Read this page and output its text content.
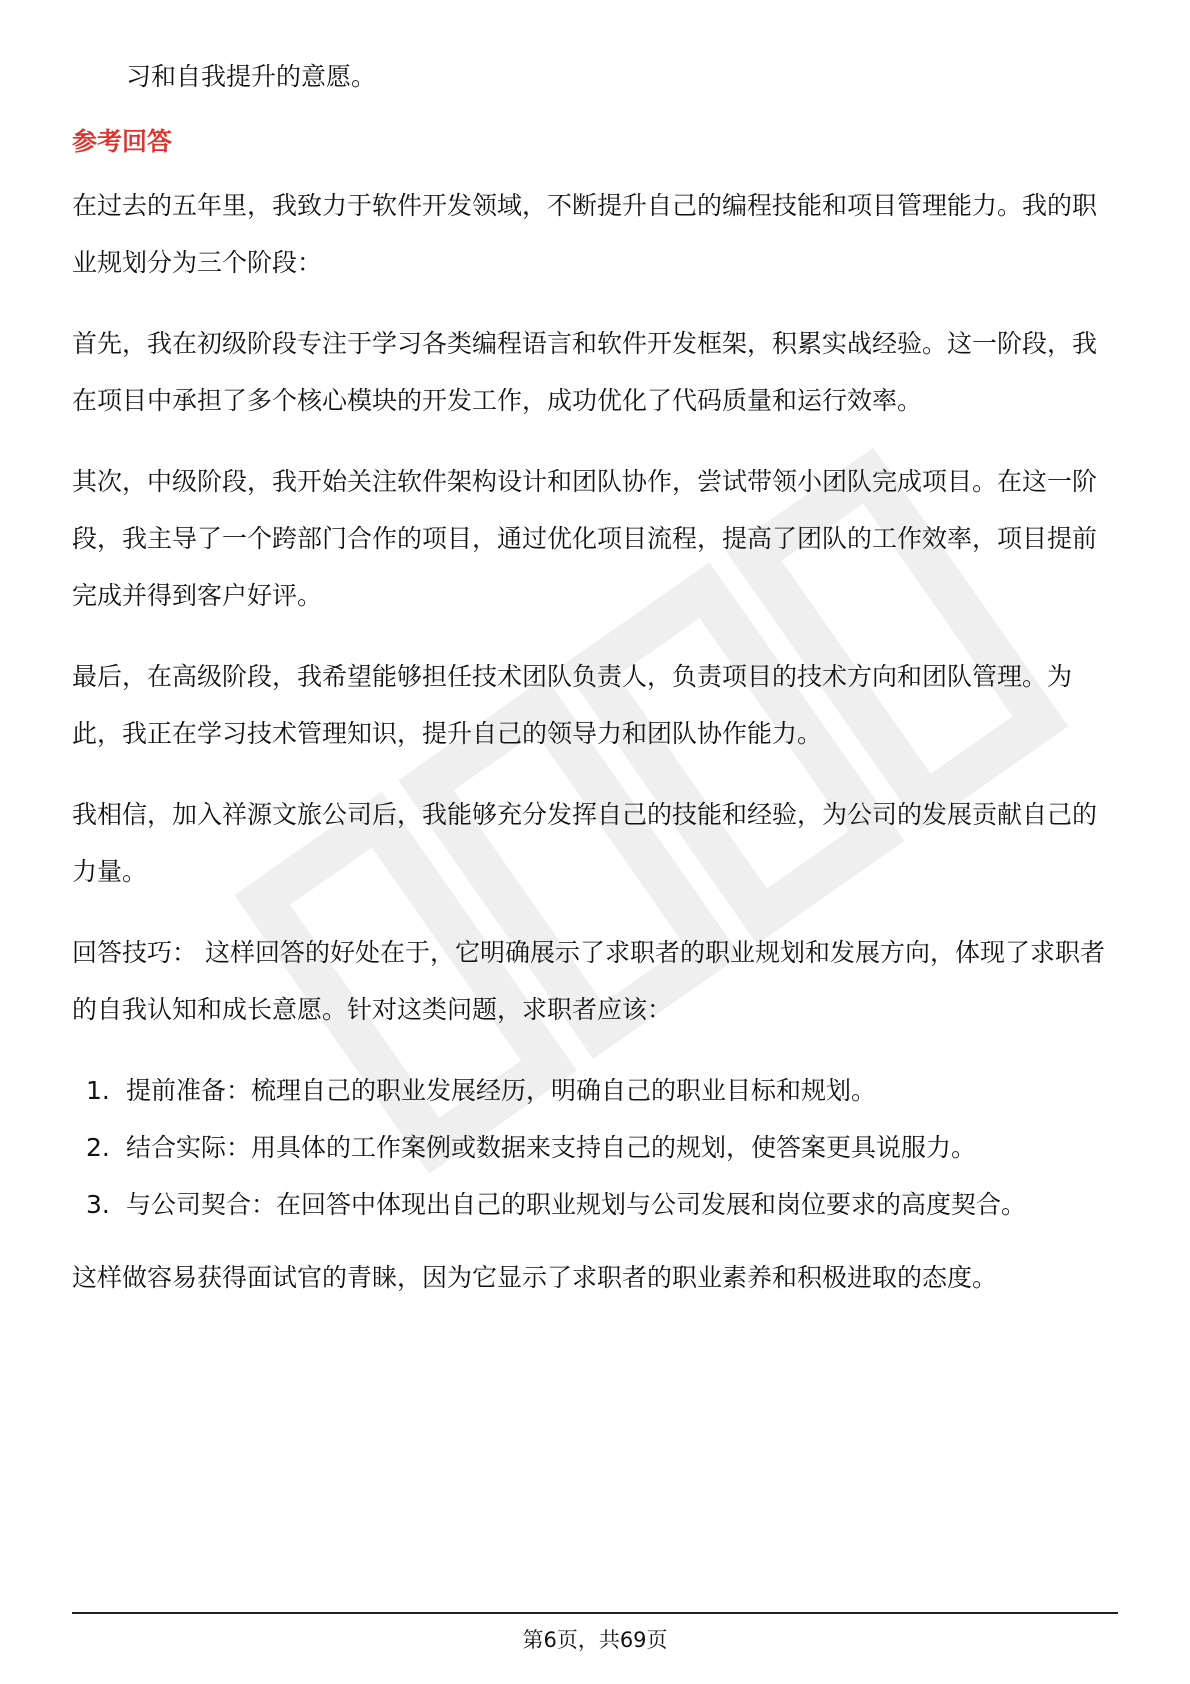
习和自我提升的意愿。

参考回答

在过去的五年里，我致力于软件开发领域，不断提升自己的编程技能和项目管理能力。我的职业规划分为三个阶段：

首先，我在初级阶段专注于学习各类编程语言和软件开发框架，积累实战经验。这一阶段，我在项目中承担了多个核心模块的开发工作，成功优化了代码质量和运行效率。

其次，中级阶段，我开始关注软件架构设计和团队协作，尝试带领小团队完成项目。在这一阶段，我主导了一个跨部门合作的项目，通过优化项目流程，提高了团队的工作效率，项目提前完成并得到客户好评。

最后，在高级阶段，我希望能够担任技术团队负责人，负责项目的技术方向和团队管理。为此，我正在学习技术管理知识，提升自己的领导力和团队协作能力。

我相信，加入祥源文旅公司后，我能够充分发挥自己的技能和经验，为公司的发展贡献自己的力量。

回答技巧： 这样回答的好处在于，它明确展示了求职者的职业规划和发展方向，体现了求职者的自我认知和成长意愿。针对这类问题，求职者应该：

1. 提前准备：梳理自己的职业发展经历，明确自己的职业目标和规划。
2. 结合实际：用具体的工作案例或数据来支持自己的规划，使答案更具说服力。
3. 与公司契合：在回答中体现出自己的职业规划与公司发展和岗位要求的高度契合。

这样做容易获得面试官的青睐，因为它显示了求职者的职业素养和积极进取的态度。

第6页，共69页
